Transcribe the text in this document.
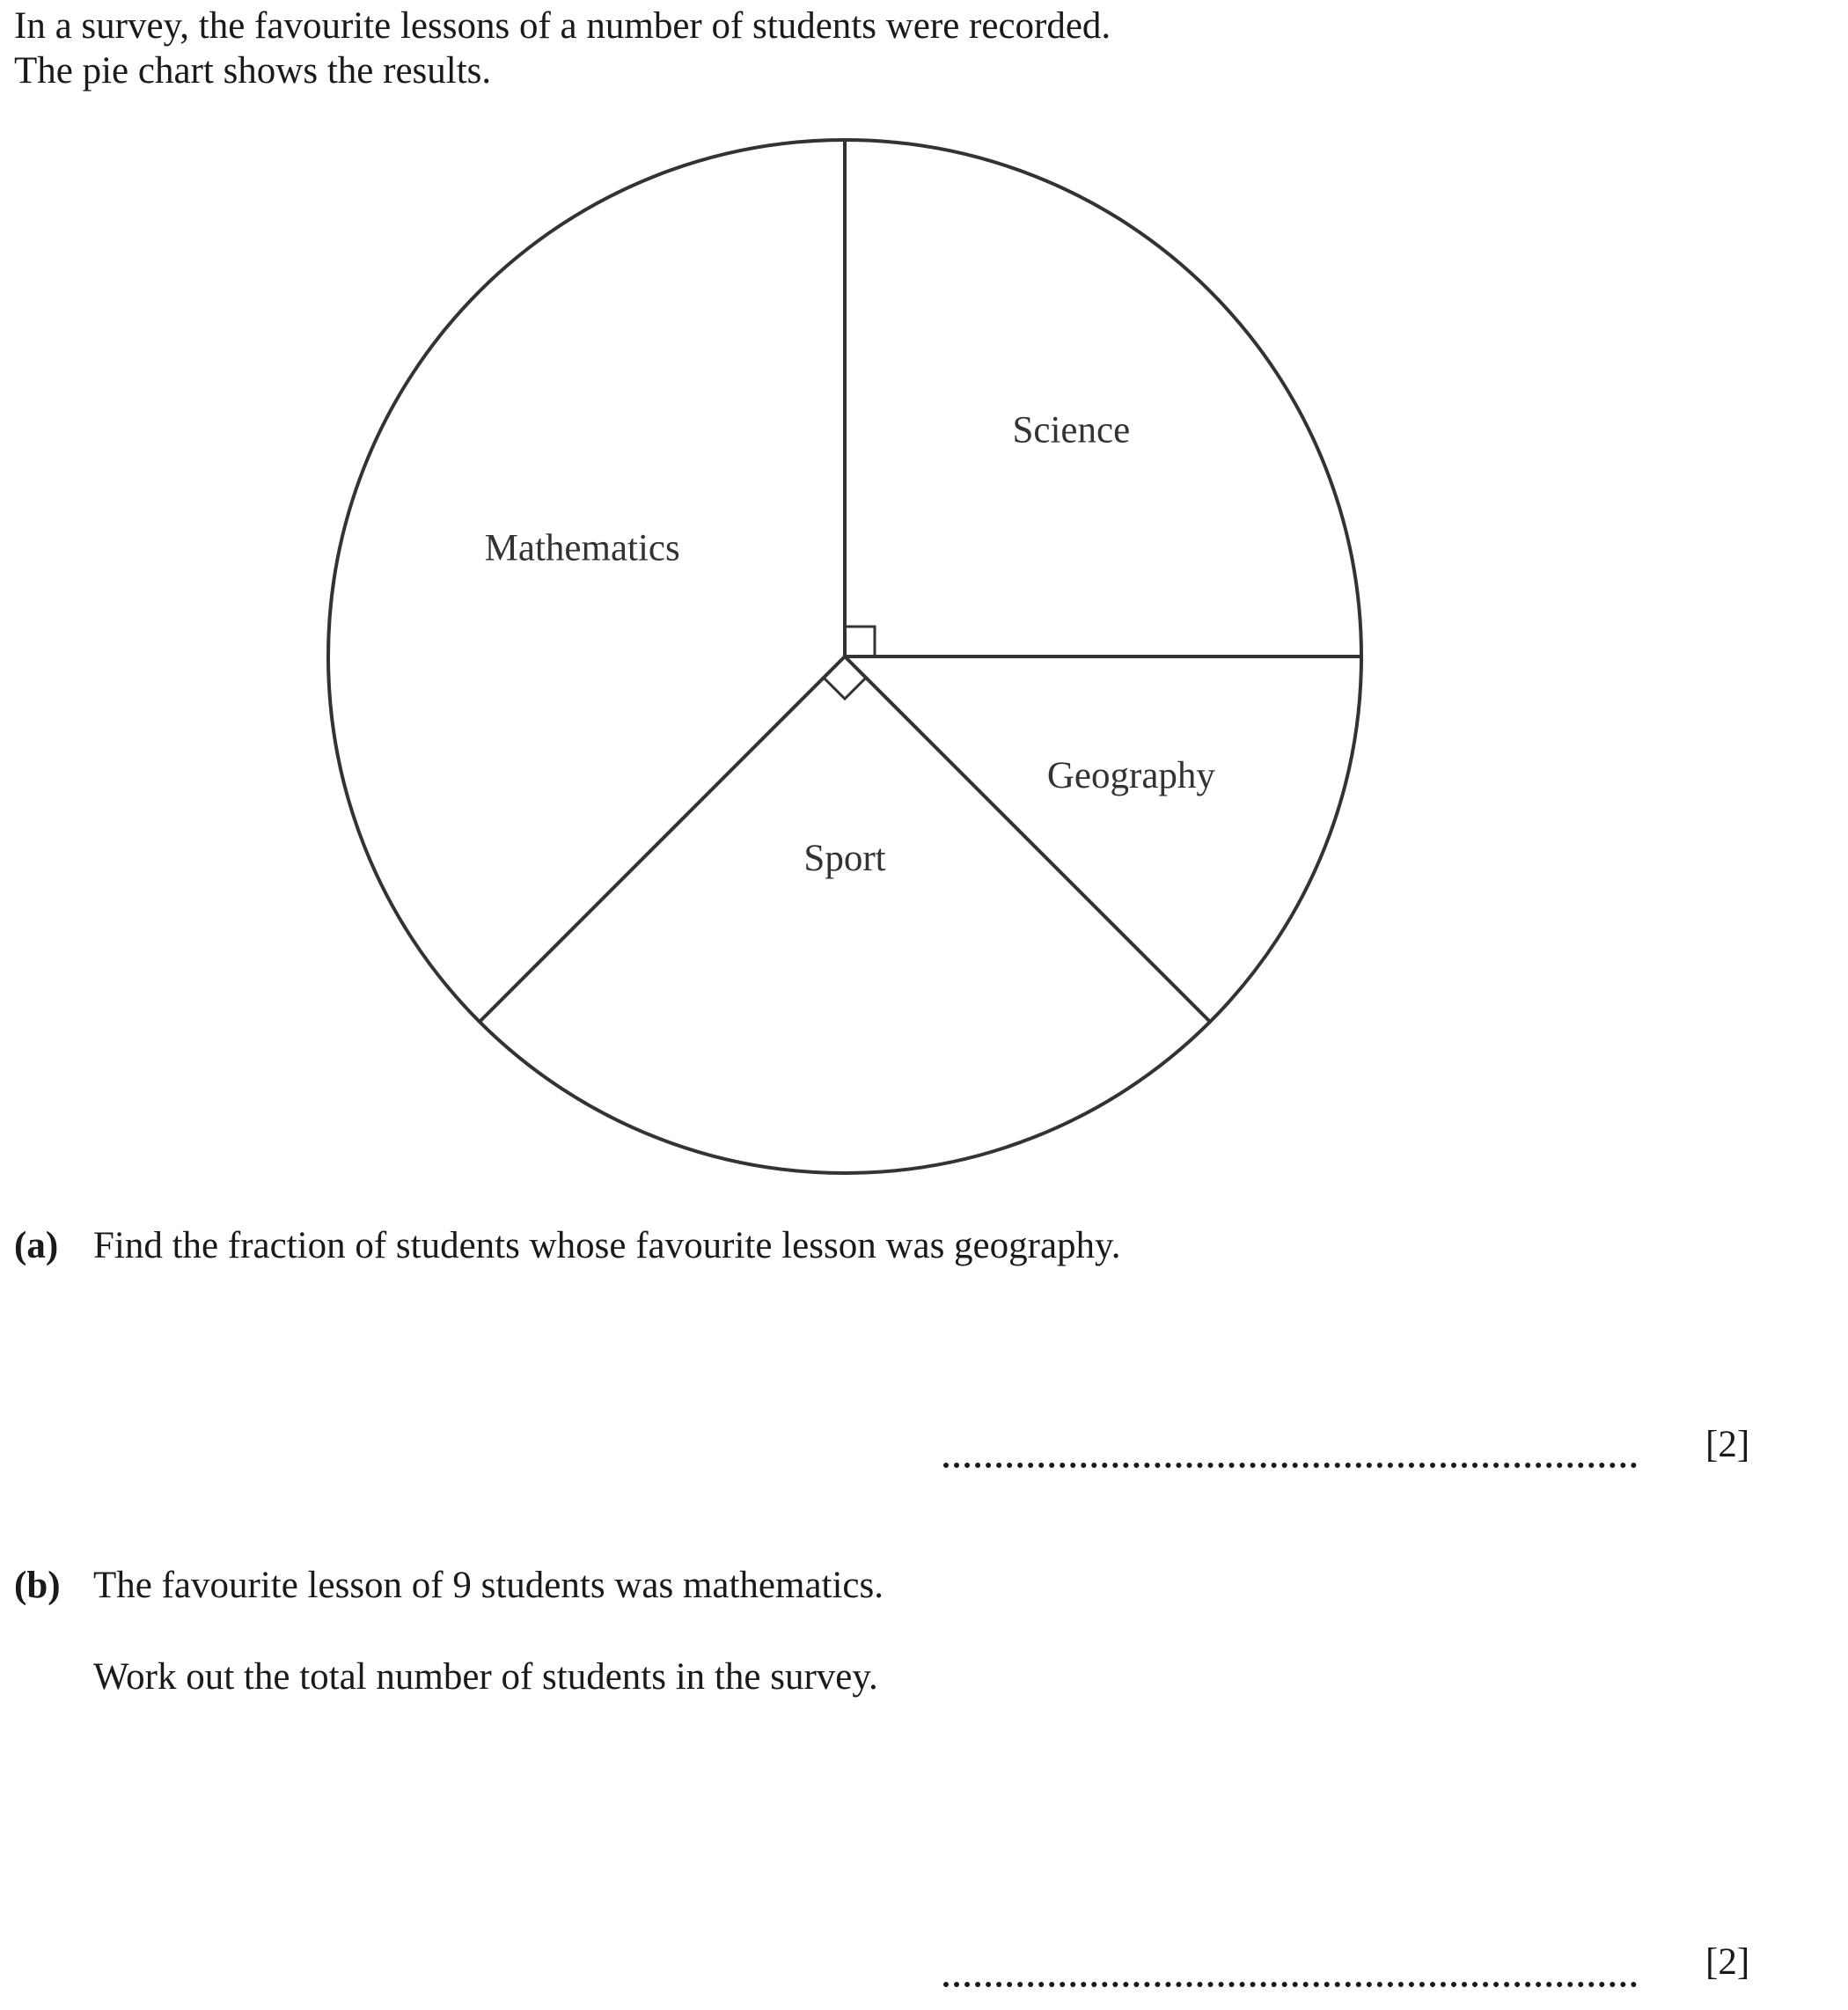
In a survey, the favourite lessons of a number of students were recorded.

The pie chart shows the results.

Science
Geography
Sport
Mathematics
(a) Find the fraction of students whose favourite lesson was geography.
[2]
(b) The favourite lesson of 9 students was mathematics.
Work out the total number of students in the survey.
[2]
